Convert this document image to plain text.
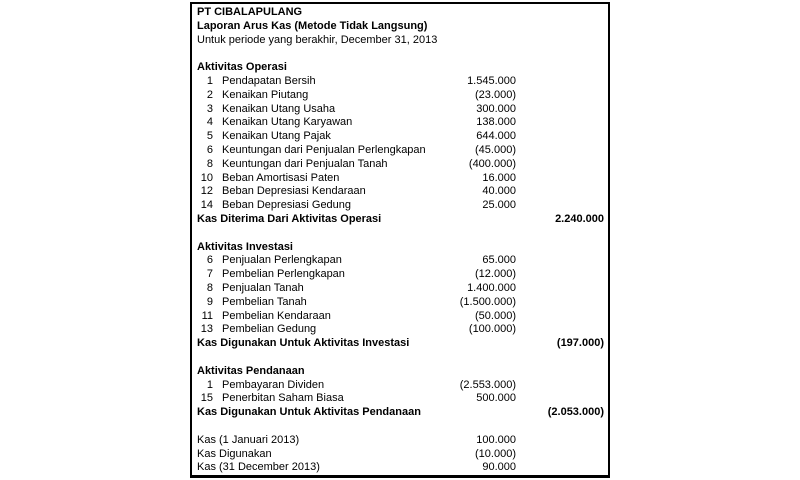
PT CIBALAPULANG
Laporan Arus Kas (Metode Tidak Langsung)
Untuk periode yang berakhir, December 31, 2013
Aktivitas Operasi
1 Pendapatan Bersih	1.545.000
2 Kenaikan Piutang	(23.000)
3 Kenaikan Utang Usaha	300.000
4 Kenaikan Utang Karyawan	138.000
5 Kenaikan Utang Pajak	644.000
6 Keuntungan dari Penjualan Perlengkapan	(45.000)
8 Keuntungan dari Penjualan Tanah	(400.000)
10 Beban Amortisasi Paten	16.000
12 Beban Depresiasi Kendaraan	40.000
14 Beban Depresiasi Gedung	25.000
Kas Diterima Dari Aktivitas Operasi	2.240.000
Aktivitas Investasi
6 Penjualan Perlengkapan	65.000
7 Pembelian Perlengkapan	(12.000)
8 Penjualan Tanah	1.400.000
9 Pembelian Tanah	(1.500.000)
11 Pembelian Kendaraan	(50.000)
13 Pembelian Gedung	(100.000)
Kas Digunakan Untuk Aktivitas Investasi	(197.000)
Aktivitas Pendanaan
1 Pembayaran Dividen	(2.553.000)
15 Penerbitan Saham Biasa	500.000
Kas Digunakan Untuk Aktivitas Pendanaan	(2.053.000)
Kas (1 Januari 2013)	100.000
Kas Digunakan	(10.000)
Kas (31 December 2013)	90.000
